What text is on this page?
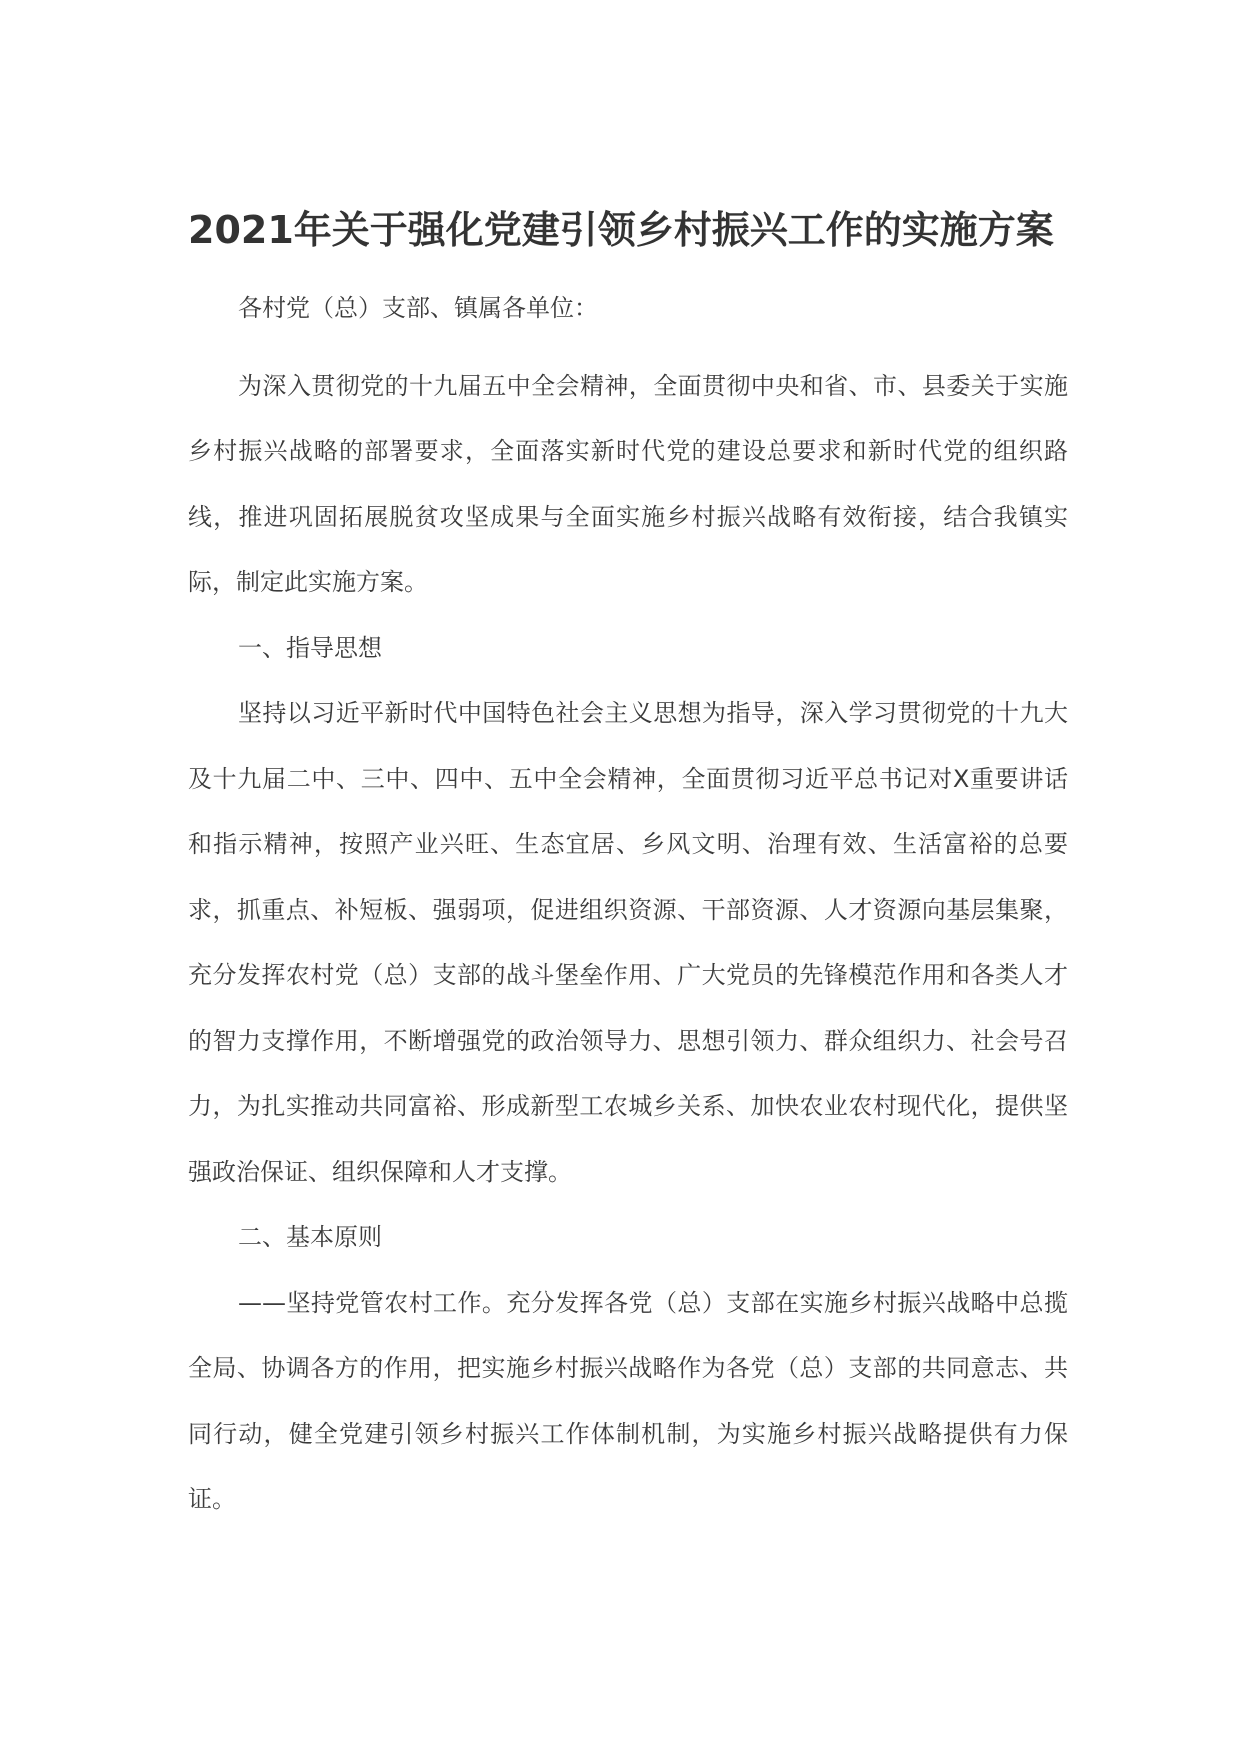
2021年关于强化党建引领乡村振兴工作的实施方案

各村党（总）支部、镇属各单位：

为深入贯彻党的十九届五中全会精神，全面贯彻中央和省、市、县委关于实施乡村振兴战略的部署要求，全面落实新时代党的建设总要求和新时代党的组织路线，推进巩固拓展脱贫攻坚成果与全面实施乡村振兴战略有效衔接，结合我镇实际，制定此实施方案。

一、指导思想

坚持以习近平新时代中国特色社会主义思想为指导，深入学习贯彻党的十九大及十九届二中、三中、四中、五中全会精神，全面贯彻习近平总书记对X重要讲话和指示精神，按照产业兴旺、生态宜居、乡风文明、治理有效、生活富裕的总要求，抓重点、补短板、强弱项，促进组织资源、干部资源、人才资源向基层集聚，充分发挥农村党（总）支部的战斗堡垒作用、广大党员的先锋模范作用和各类人才的智力支撑作用，不断增强党的政治领导力、思想引领力、群众组织力、社会号召力，为扎实推动共同富裕、形成新型工农城乡关系、加快农业农村现代化，提供坚强政治保证、组织保障和人才支撑。

二、基本原则

——坚持党管农村工作。充分发挥各党（总）支部在实施乡村振兴战略中总揽全局、协调各方的作用，把实施乡村振兴战略作为各党（总）支部的共同意志、共同行动，健全党建引领乡村振兴工作体制机制，为实施乡村振兴战略提供有力保证。
